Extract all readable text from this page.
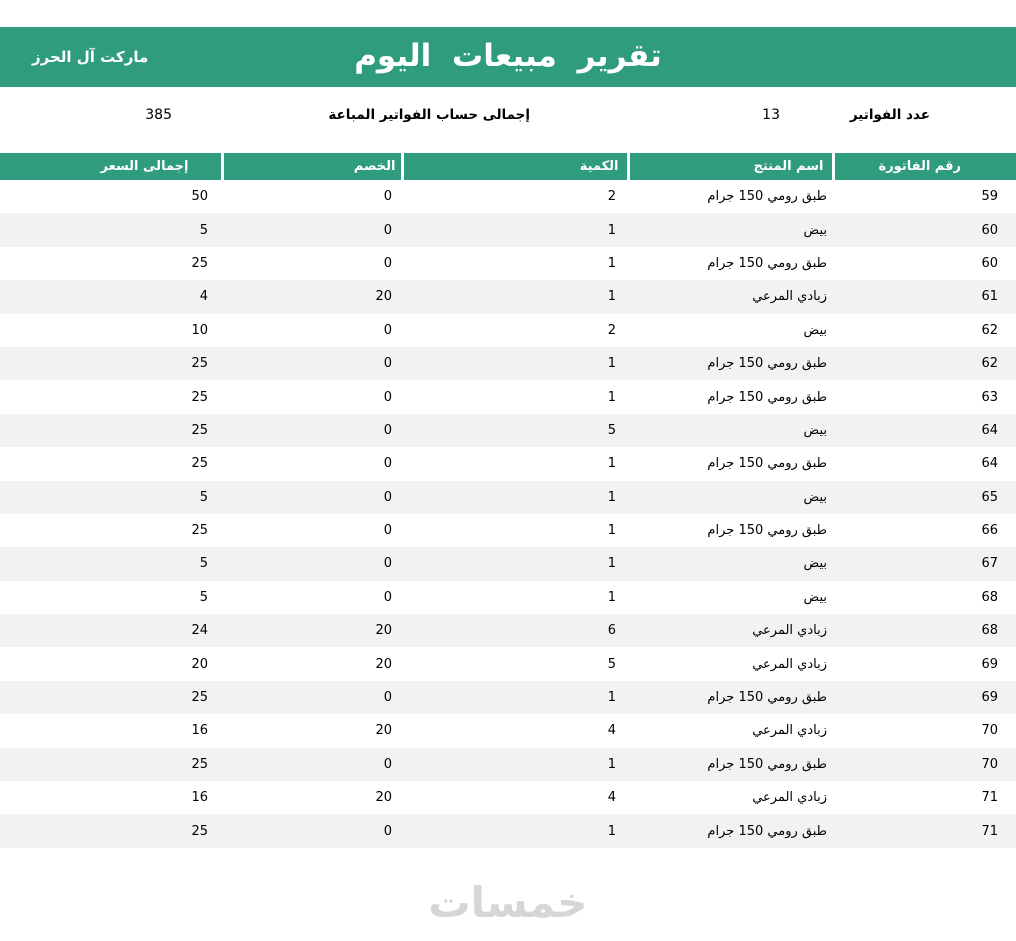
تقرير مبيعات اليوم
ماركت آل الحرز
عدد الفواتير
13
إجمالى حساب الفواتير المباعة
385
رقم الفاتورة	اسم المنتج	الكمية	الخصم	إجمالى السعر
59	طبق رومي 150 جرام	2	0	50
60	بيض	1	0	5
60	طبق رومي 150 جرام	1	0	25
61	زبادي المرعي	1	20	4
62	بيض	2	0	10
62	طبق رومي 150 جرام	1	0	25
63	طبق رومي 150 جرام	1	0	25
64	بيض	5	0	25
64	طبق رومي 150 جرام	1	0	25
65	بيض	1	0	5
66	طبق رومي 150 جرام	1	0	25
67	بيض	1	0	5
68	بيض	1	0	5
68	زبادي المرعي	6	20	24
69	زبادي المرعي	5	20	20
69	طبق رومي 150 جرام	1	0	25
70	زبادي المرعي	4	20	16
70	طبق رومي 150 جرام	1	0	25
71	زبادي المرعي	4	20	16
71	طبق رومي 150 جرام	1	0	25
خمسات
